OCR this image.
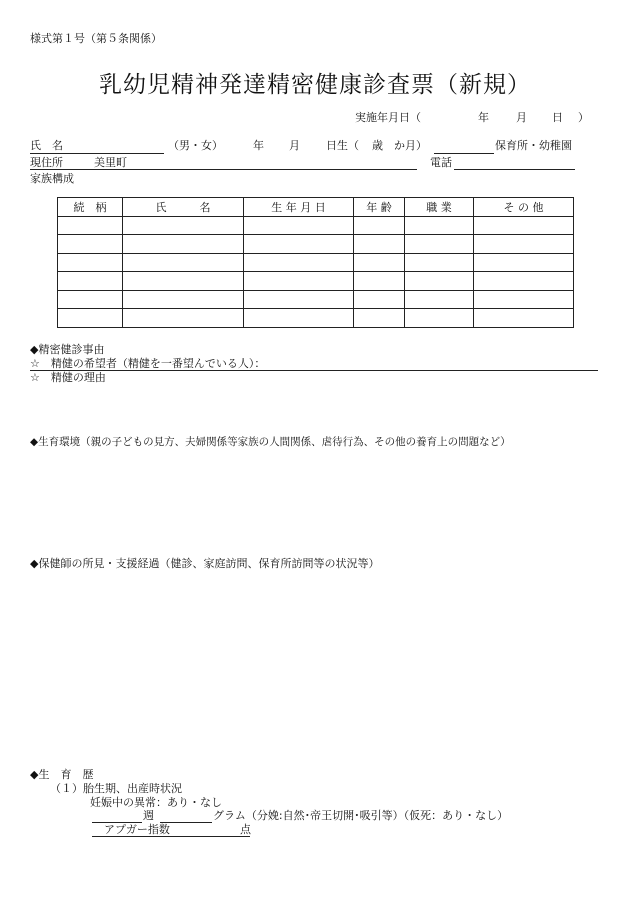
様式第１号（第５条関係）
乳幼児精神発達精密健康診査票（新規）
実施年月日（	年 月 日 ）
氏　名	（男・女）	年 月 日生（ 歳 か月）	保育所・幼稚園
現住所	美里町	電話
家族構成
続　柄	氏　　　名	生 年 月 日	年 齢	職 業	そ の 他

◆精密健診事由
☆　精健の希望者（精健を一番望んでいる人）：
☆　精健の理由
◆生育環境（親の子どもの見方、夫婦関係等家族の人間関係、虐待行為、その他の養育上の問題など）
◆保健師の所見・支援経過（健診、家庭訪問、保育所訪問等の状況等）
◆生　育　歴
（１）胎生期、出産時状況
妊娠中の異常：あり・なし
週	グラム（分娩:自然･帝王切開･吸引等）（仮死：あり・なし）
アプガー指数	点
